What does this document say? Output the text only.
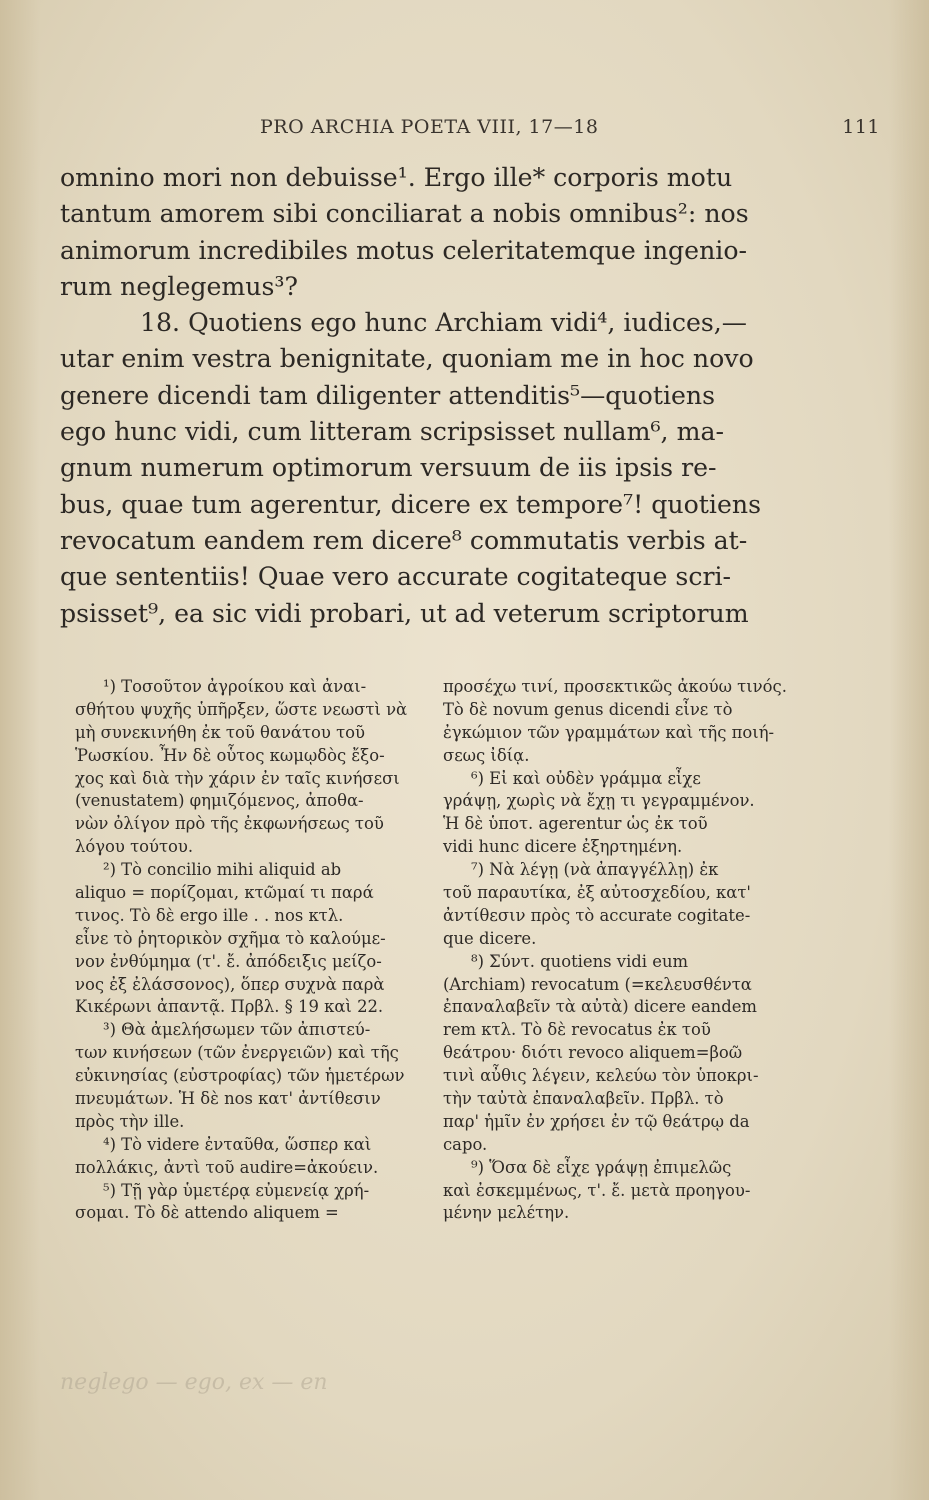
PRO ARCHIA POETA VIII, 17—18	111
omnino mori non debuisse¹. Ergo ille* corporis motu
tantum amorem sibi conciliarat a nobis omnibus²: nos
animorum incredibiles motus celeritatemque ingenio-
rum neglegemus³?
18. Quotiens ego hunc Archiam vidi⁴, iudices,—
utar enim vestra benignitate, quoniam me in hoc novo
genere dicendi tam diligenter attenditis⁵—quotiens
ego hunc vidi, cum litteram scripsisset nullam⁶, ma-
gnum numerum optimorum versuum de iis ipsis re-
bus, quae tum agerentur, dicere ex tempore⁷! quotiens
revocatum eandem rem dicere⁸ commutatis verbis at-
que sententiis! Quae vero accurate cogitateque scri-
psisset⁹, ea sic vidi probari, ut ad veterum scriptorum
¹) Τοσοῦτον ἀγροίκου καὶ ἀναι-
σθήτου ψυχῆς ὑπῆρξεν, ὥστε νεωστὶ νὰ
μὴ συνεκινήθη ἐκ τοῦ θανάτου τοῦ
Ῥωσκίου. Ἦν δὲ οὗτος κωμῳδὸς ἔξο-
χος καὶ διὰ τὴν χάριν ἐν ταῖς κινήσεσι
(venustatem) φημιζόμενος, ἀποθα-
νὼν ὀλίγον πρὸ τῆς ἐκφωνήσεως τοῦ
λόγου τούτου.
²) Τὸ concilio mihi aliquid ab
aliquo = πορίζομαι, κτῶμαί τι παρά
τινος. Τὸ δὲ ergo ille . . nos κτλ.
εἶνε τὸ ῥητορικὸν σχῆμα τὸ καλούμε-
νον ἐνθύμημα (τ'. ἔ. ἀπόδειξις μείζο-
νος ἐξ ἐλάσσονος), ὅπερ συχνὰ παρὰ
Κικέρωνι ἀπαντᾷ. Πρβλ. § 19 καὶ 22.
³) Θὰ ἀμελήσωμεν τῶν ἀπιστεύ-
των κινήσεων (τῶν ἐνεργειῶν) καὶ τῆς
εὐκινησίας (εὐστροφίας) τῶν ἡμετέρων
πνευμάτων. Ἡ δὲ nos κατ' ἀντίθεσιν
πρὸς τὴν ille.
⁴) Τὸ videre ἐνταῦθα, ὥσπερ καὶ
πολλάκις, ἀντὶ τοῦ audire=ἀκούειν.
⁵) Τῇ γὰρ ὑμετέρᾳ εὐμενείᾳ χρή-
σομαι. Τὸ δὲ attendo aliquem =
προσέχω τινί, προσεκτικῶς ἀκούω τινός.
Τὸ δὲ novum genus dicendi εἶνε τὸ
ἐγκώμιον τῶν γραμμάτων καὶ τῆς ποιή-
σεως ἰδίᾳ.
⁶) Εἰ καὶ οὐδὲν γράμμα εἶχε
γράψῃ, χωρὶς νὰ ἔχῃ τι γεγραμμένον.
Ἡ δὲ ὑποτ. agerentur ὡς ἐκ τοῦ
vidi hunc dicere ἐξηρτημένη.
⁷) Νὰ λέγῃ (νὰ ἀπαγγέλλῃ) ἐκ
τοῦ παραυτίκα, ἐξ αὐτοσχεδίου, κατ'
ἀντίθεσιν πρὸς τὸ accurate cogitate-
que dicere.
⁸) Σύντ. quotiens vidi eum
(Archiam) revocatum (=κελευσθέντα
ἐπαναλαβεῖν τὰ αὐτὰ) dicere eandem
rem κτλ. Τὸ δὲ revocatus ἐκ τοῦ
θεάτρου· διότι revoco aliquem=βοῶ
τινὶ αὖθις λέγειν, κελεύω τὸν ὑποκρι-
τὴν ταὐτὰ ἐπαναλαβεῖν. Πρβλ. τὸ
παρ' ἡμῖν ἐν χρήσει ἐν τῷ θεάτρῳ da
capo.
⁹) Ὅσα δὲ εἶχε γράψῃ ἐπιμελῶς
καὶ ἐσκεμμένως, τ'. ἔ. μετὰ προηγου-
μένην μελέτην.
neglego — ego, ex — en
